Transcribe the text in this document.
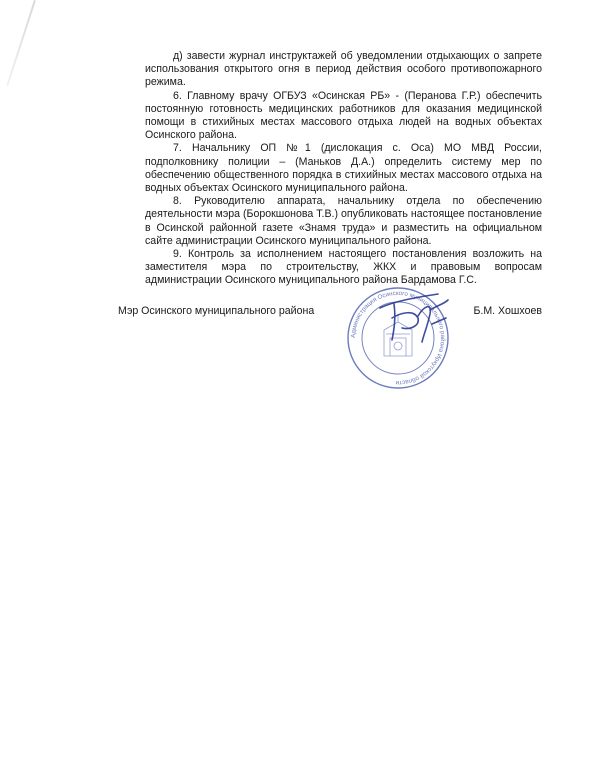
д) завести журнал инструктажей об уведомлении отдыхающих о запрете использования открытого огня в период действия особого противопожарного режима.

6. Главному врачу ОГБУЗ «Осинская РБ» - (Перанова Г.Р.) обеспечить постоянную готовность медицинских работников для оказания медицинской помощи в стихийных местах массового отдыха людей на водных объектах Осинского района.

7. Начальнику ОП №1 (дислокация с. Оса) МО МВД России, подполковнику полиции – (Маньков Д.А.) определить систему мер по обеспечению общественного порядка в стихийных местах массового отдыха на водных объектах Осинского муниципального района.

8. Руководителю аппарата, начальнику отдела по обеспечению деятельности мэра (Борокшонова Т.В.) опубликовать настоящее постановление в Осинской районной газете «Знамя труда» и разместить на официальном сайте администрации Осинского муниципального района.

9. Контроль за исполнением настоящего постановления возложить на заместителя мэра по строительству, ЖКХ и правовым вопросам администрации Осинского муниципального района Бардамова Г.С.

Администрация Осинского муниципального района Иркутской области
Мэр Осинского муниципального района	Б.М. Хошхоев
